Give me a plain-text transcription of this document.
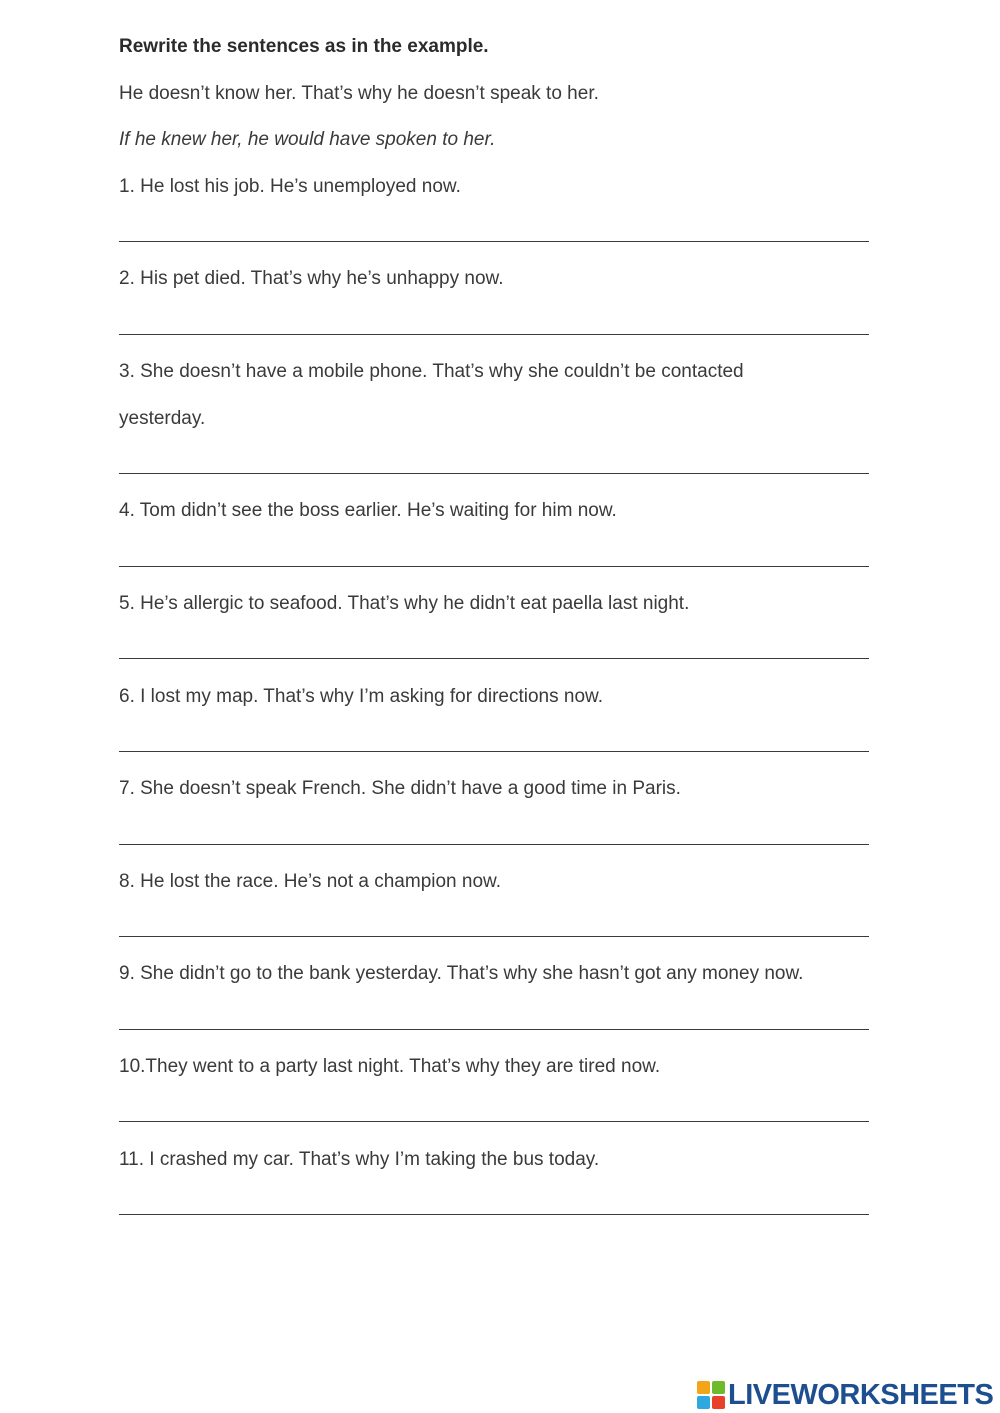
Rewrite the sentences as in the example.
He doesn’t know her. That’s why he doesn’t speak to her.
If he knew her, he would have spoken to her.
1. He lost his job. He’s unemployed now.
2. His pet died. That’s why he’s unhappy now.
3. She doesn’t have a mobile phone. That’s why she couldn’t be contacted
yesterday.
4. Tom didn’t see the boss earlier. He’s waiting for him now.
5. He’s allergic to seafood. That’s why he didn’t eat paella last night.
6. I lost my map. That’s why I’m asking for directions now.
7. She doesn’t speak French. She didn’t have a good time in Paris.
8. He lost the race. He’s not a champion now.
9. She didn’t go to the bank yesterday. That’s why she hasn’t got any money now.
10.They went to a party last night. That’s why they are tired now.
11. I crashed my car. That’s why I’m taking the bus today.
LIVEWORKSHEETS
